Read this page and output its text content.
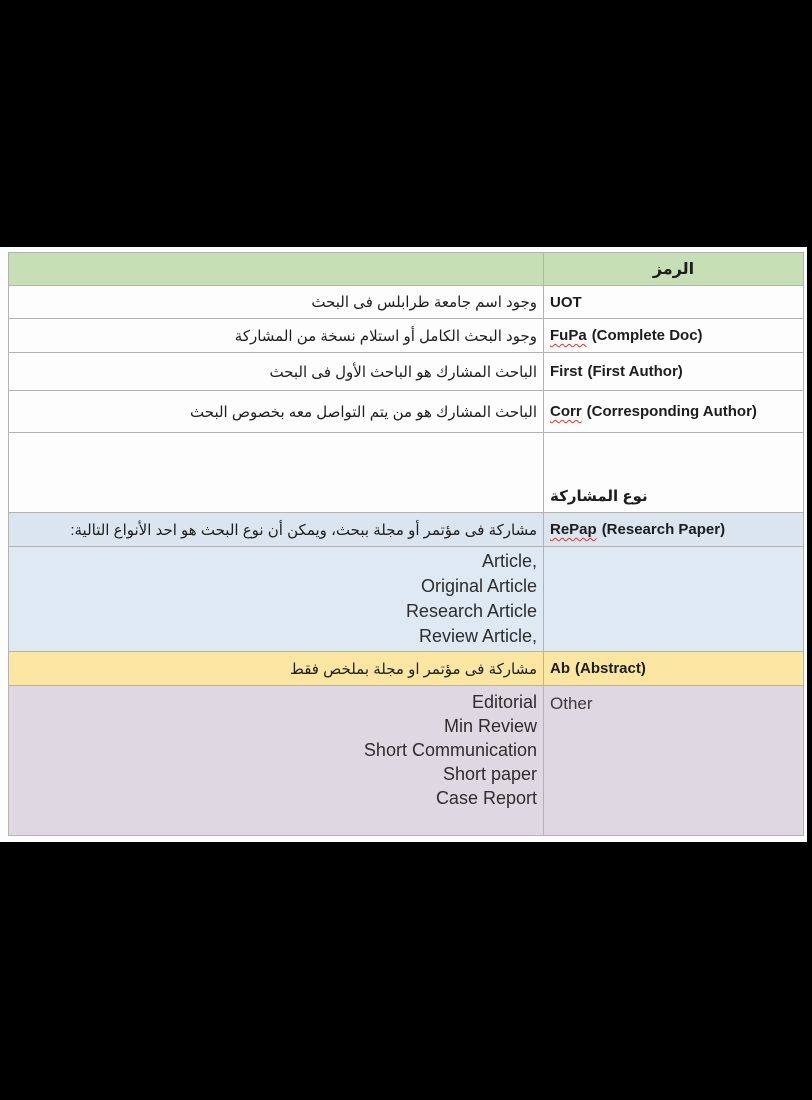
	الرمز
وجود اسم جامعة طرابلس فى البحث	UOT
وجود البحث الكامل أو استلام نسخة من المشاركة	FuPa (Complete Doc)
الباحث المشارك هو الباحث الأول فى البحث	First (First Author)
الباحث المشارك هو من يتم التواصل معه بخصوص البحث	Corr (Corresponding Author)
	نوع المشاركة
مشاركة فى مؤتمر أو مجلة ببحث، ويمكن أن نوع البحث هو احد الأنواع التالية:	RePap (Research Paper)

Article,
Original Article
Research Article
Review Article,	

مشاركة فى مؤتمر او مجلة بملخص فقط	Ab (Abstract)

Editorial
Min Review
Short Communication
Short paper
Case Report	Other
